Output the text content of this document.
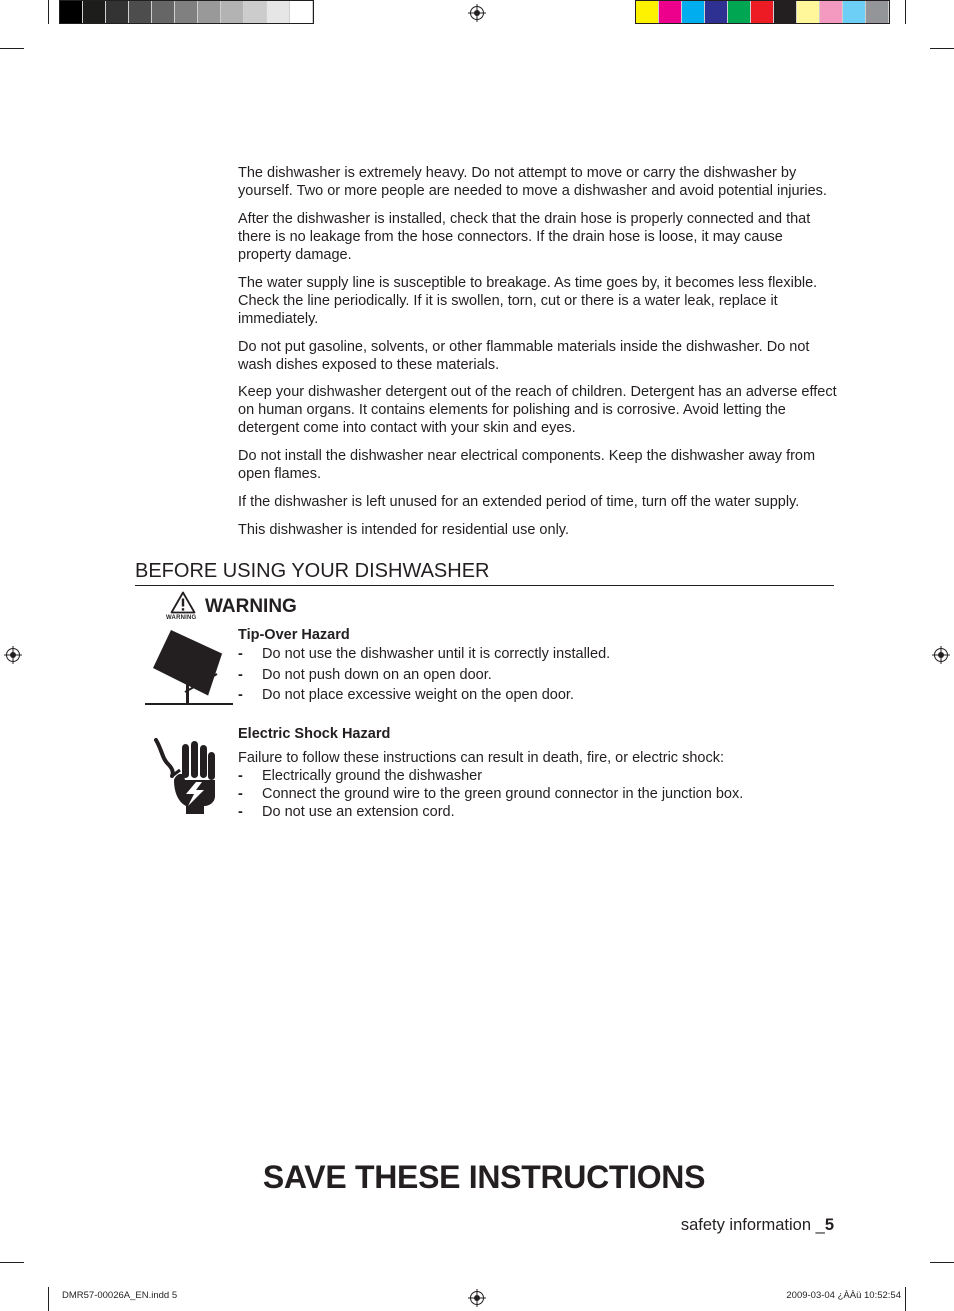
The dishwasher is extremely heavy. Do not attempt to move or carry the dishwasher by yourself. Two or more people are needed to move a dishwasher and avoid potential injuries.

After the dishwasher is installed, check that the drain hose is properly connected and that there is no leakage from the hose connectors. If the drain hose is loose, it may cause property damage.

The water supply line is susceptible to breakage. As time goes by, it becomes less flexible. Check the line periodically. If it is swollen, torn, cut or there is a water leak, replace it immediately.

Do not put gasoline, solvents, or other flammable materials inside the dishwasher. Do not wash dishes exposed to these materials.

Keep your dishwasher detergent out of the reach of children. Detergent has an adverse effect on human organs. It contains elements for polishing and is corrosive. Avoid letting the detergent come into contact with your skin and eyes.

Do not install the dishwasher near electrical components. Keep the dishwasher away from open flames.

If the dishwasher is left unused for an extended period of time, turn off the water supply.

This dishwasher is intended for residential use only.

BEFORE USING YOUR DISHWASHER
WARNING
WARNING
Tip-Over Hazard
- Do not use the dishwasher until it is correctly installed.
- Do not push down on an open door.
- Do not place excessive weight on the open door.
Electric Shock Hazard
Failure to follow these instructions can result in death, fire, or electric shock:
- Electrically ground the dishwasher
- Connect the ground wire to the green ground connector in the junction box.
- Do not use an extension cord.
SAVE THESE INSTRUCTIONS
safety information _5
DMR57-00026A_EN.indd 5	2009-03-04 ¿ÀÀü 10:52:54
